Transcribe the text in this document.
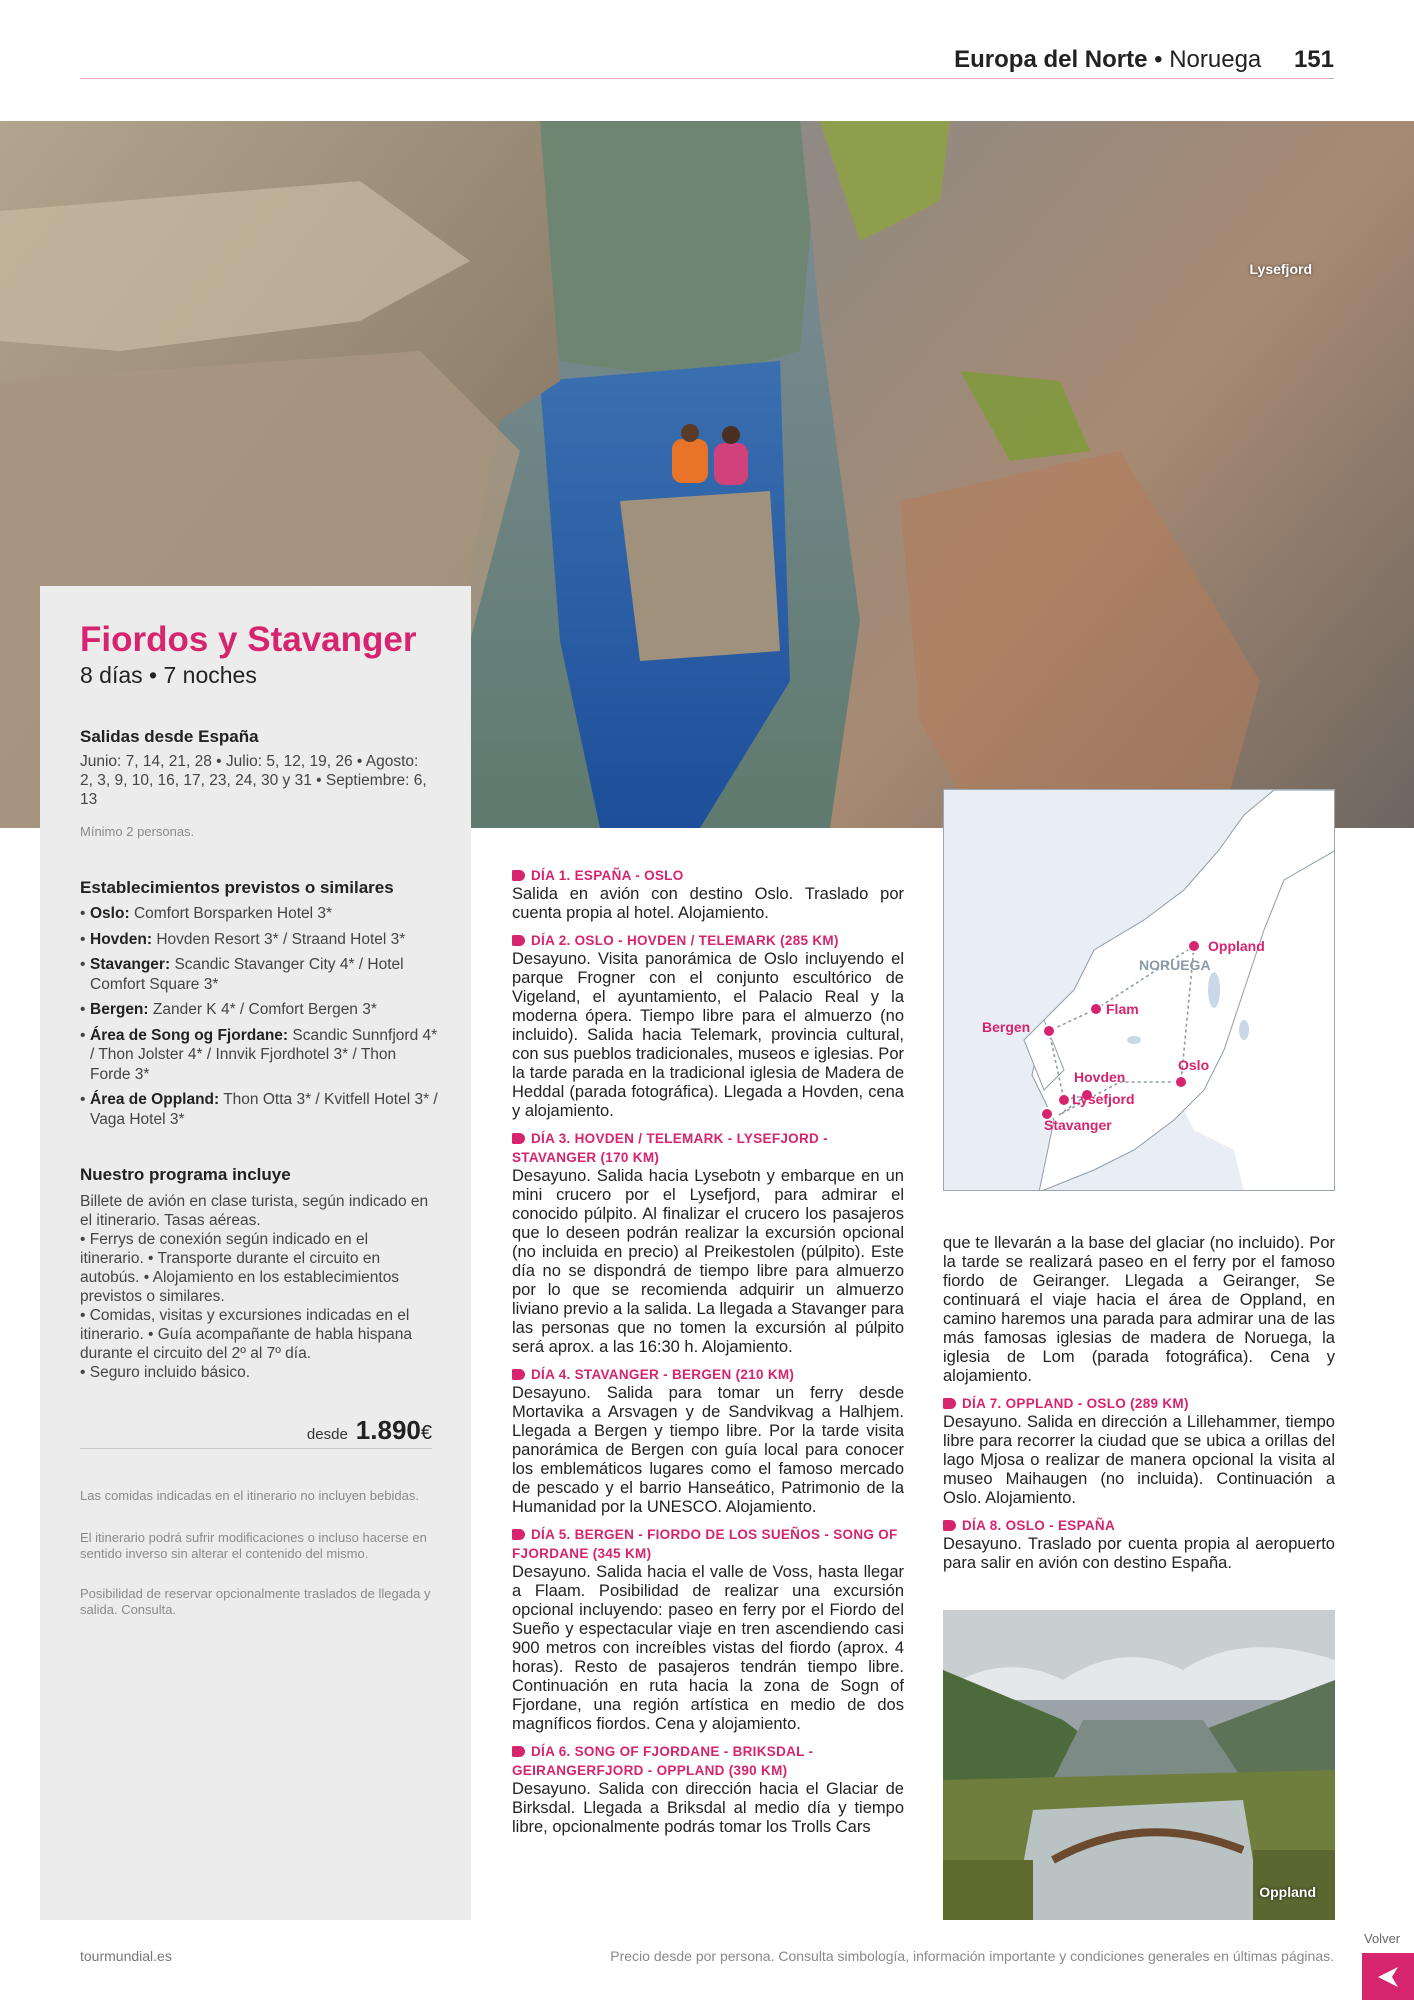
Europa del Norte • Noruega 151
Lysefjord
Fiordos y Stavanger
8 días • 7 noches
Salidas desde España
Junio: 7, 14, 21, 28 • Julio: 5, 12, 19, 26 • Agosto: 2, 3, 9, 10, 16, 17, 23, 24, 30 y 31 • Septiembre: 6, 13
Mínimo 2 personas.
Establecimientos previstos o similares
• Oslo: Comfort Borsparken Hotel 3*
• Hovden: Hovden Resort 3* / Straand Hotel 3*
• Stavanger: Scandic Stavanger City 4* / Hotel Comfort Square 3*
• Bergen: Zander K 4* / Comfort Bergen 3*
• Área de Song og Fjordane: Scandic Sunnfjord 4* / Thon Jolster 4* / Innvik Fjordhotel 3* / Thon Forde 3*
• Área de Oppland: Thon Otta 3* / Kvitfell Hotel 3* / Vaga Hotel 3*
Nuestro programa incluye
Billete de avión en clase turista, según indicado en el itinerario. Tasas aéreas.
• Ferrys de conexión según indicado en el itinerario. • Transporte durante el circuito en autobús. • Alojamiento en los establecimientos previstos o similares.
• Comidas, visitas y excursiones indicadas en el itinerario. • Guía acompañante de habla hispana durante el circuito del 2º al 7º día.
• Seguro incluido básico.
desde 1.890€
Las comidas indicadas en el itinerario no incluyen bebidas.
El itinerario podrá sufrir modificaciones o incluso hacerse en sentido inverso sin alterar el contenido del mismo.
Posibilidad de reservar opcionalmente traslados de llegada y salida. Consulta.
DÍA 1. ESPAÑA - OSLO
Salida en avión con destino Oslo. Traslado por cuenta propia al hotel. Alojamiento.
DÍA 2. OSLO - HOVDEN / TELEMARK (285 KM)
Desayuno. Visita panorámica de Oslo incluyendo el parque Frogner con el conjunto escultórico de Vigeland, el ayuntamiento, el Palacio Real y la moderna ópera. Tiempo libre para el almuerzo (no incluido). Salida hacia Telemark, provincia cultural, con sus pueblos tradicionales, museos e iglesias. Por la tarde parada en la tradicional iglesia de Madera de Heddal (parada fotográfica). Llegada a Hovden, cena y alojamiento.
DÍA 3. HOVDEN / TELEMARK - LYSEFJORD - STAVANGER (170 KM)
Desayuno. Salida hacia Lysebotn y embarque en un mini crucero por el Lysefjord, para admirar el conocido púlpito. Al finalizar el crucero los pasajeros que lo deseen podrán realizar la excursión opcional (no incluida en precio) al Preikestolen (púlpito). Este día no se dispondrá de tiempo libre para almuerzo por lo que se recomienda adquirir un almuerzo liviano previo a la salida. La llegada a Stavanger para las personas que no tomen la excursión al púlpito será aprox. a las 16:30 h. Alojamiento.
DÍA 4. STAVANGER - BERGEN (210 KM)
Desayuno. Salida para tomar un ferry desde Mortavika a Arsvagen y de Sandvikvag a Halhjem. Llegada a Bergen y tiempo libre. Por la tarde visita panorámica de Bergen con guía local para conocer los emblemáticos lugares como el famoso mercado de pescado y el barrio Hanseático, Patrimonio de la Humanidad por la UNESCO. Alojamiento.
DÍA 5. BERGEN - FIORDO DE LOS SUEÑOS - SONG OF FJORDANE (345 KM)
Desayuno. Salida hacia el valle de Voss, hasta llegar a Flaam. Posibilidad de realizar una excursión opcional incluyendo: paseo en ferry por el Fiordo del Sueño y espectacular viaje en tren ascendiendo casi 900 metros con increíbles vistas del fiordo (aprox. 4 horas). Resto de pasajeros tendrán tiempo libre. Continuación en ruta hacia la zona de Sogn of Fjordane, una región artística en medio de dos magníficos fiordos. Cena y alojamiento.
DÍA 6. SONG OF FJORDANE - BRIKSDAL - GEIRANGERFJORD - OPPLAND (390 KM)
Desayuno. Salida con dirección hacia el Glaciar de Birksdal. Llegada a Briksdal al medio día y tiempo libre, opcionalmente podrás tomar los Trolls Cars
NORUEGA
Oppland
Flam
Bergen
Oslo
Hovden
Lysefjord
Stavanger
que te llevarán a la base del glaciar (no incluido). Por la tarde se realizará paseo en el ferry por el famoso fiordo de Geiranger. Llegada a Geiranger, Se continuará el viaje hacia el área de Oppland, en camino haremos una parada para admirar una de las más famosas iglesias de madera de Noruega, la iglesia de Lom (parada fotográfica). Cena y alojamiento.
DÍA 7. OPPLAND - OSLO (289 KM)
Desayuno. Salida en dirección a Lillehammer, tiempo libre para recorrer la ciudad que se ubica a orillas del lago Mjosa o realizar de manera opcional la visita al museo Maihaugen (no incluida). Continuación a Oslo. Alojamiento.
DÍA 8. OSLO - ESPAÑA
Desayuno. Traslado por cuenta propia al aeropuerto para salir en avión con destino España.
Oppland
tourmundial.es	Precio desde por persona. Consulta simbología, información importante y condiciones generales en últimas páginas.
Volver
